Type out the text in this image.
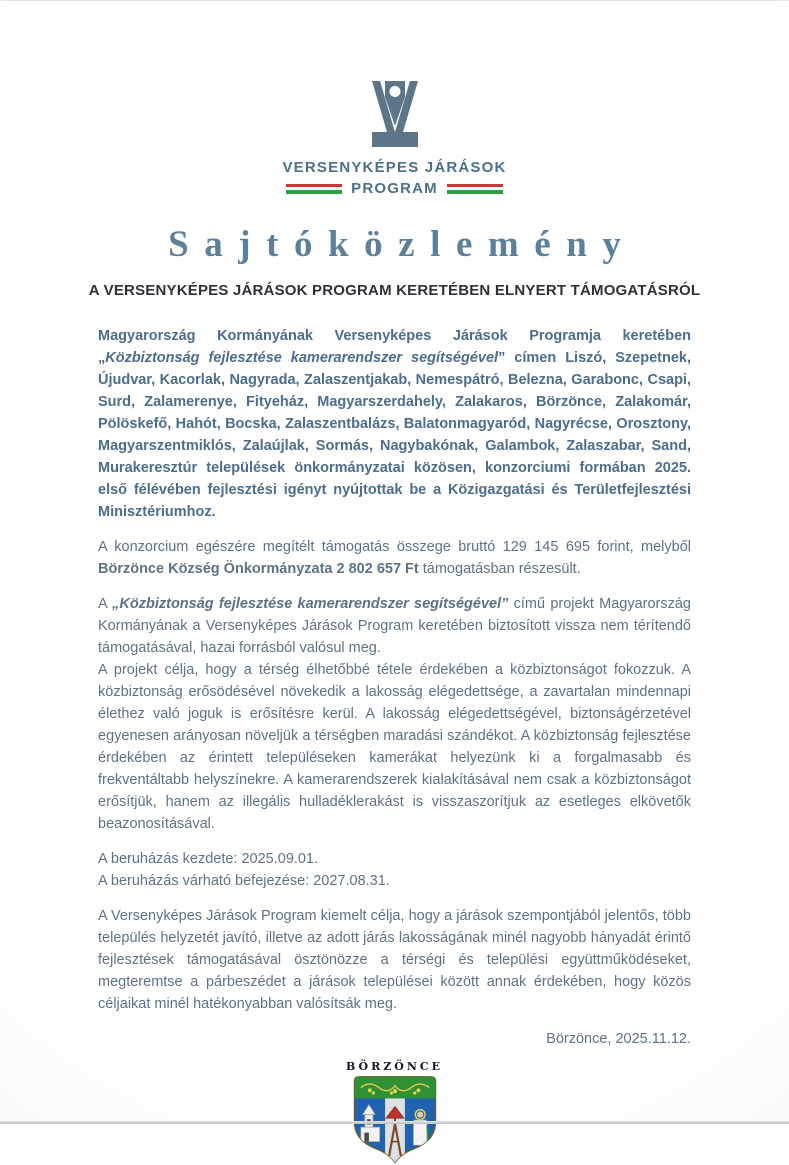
VERSENYKÉPES JÁRÁSOK
PROGRAM
Sajtóközlemény
A VERSENYKÉPES JÁRÁSOK PROGRAM KERETÉBEN ELNYERT TÁMOGATÁSRÓL

Magyarország Kormányának Versenyképes Járások Programja keretében „Közbiztonság fejlesztése kamerarendszer segítségével” címen Liszó, Szepetnek, Újudvar, Kacorlak, Nagyrada, Zalaszentjakab, Nemespátró, Belezna, Garabonc, Csapi, Surd, Zalamerenye, Fityeház, Magyarszerdahely, Zalakaros, Börzönce, Zalakomár, Pölöskefő, Hahót, Bocska, Zalaszentbalázs, Balatonmagyaród, Nagyrécse, Orosztony, Magyarszentmiklós, Zalaújlak, Sormás, Nagybakónak, Galambok, Zalaszabar, Sand, Murakeresztúr települések önkormányzatai közösen, konzorciumi formában 2025. első félévében fejlesztési igényt nyújtottak be a Közigazgatási és Területfejlesztési Minisztériumhoz.

A konzorcium egészére megítélt támogatás összege bruttó 129 145 695 forint, melyből Börzönce Község Önkormányzata 2 802 657 Ft támogatásban részesült.

A „Közbiztonság fejlesztése kamerarendszer segítségével” című projekt Magyarország Kormányának a Versenyképes Járások Program keretében biztosított vissza nem térítendő támogatásával, hazai forrásból valósul meg.

A projekt célja, hogy a térség élhetőbbé tétele érdekében a közbiztonságot fokozzuk. A közbiztonság erősödésével növekedik a lakosság elégedettsége, a zavartalan mindennapi élethez való joguk is erősítésre kerül. A lakosság elégedettségével, biztonságérzetével egyenesen arányosan növeljük a térségben maradási szándékot. A közbiztonság fejlesztése érdekében az érintett településeken kamerákat helyezünk ki a forgalmasabb és frekventáltabb helyszínekre. A kamerarendszerek kialakításával nem csak a közbiztonságot erősítjük, hanem az illegális hulladéklerakást is visszaszorítjuk az esetleges elkövetők beazonosításával.

A beruházás kezdete: 2025.09.01.

A beruházás várható befejezése: 2027.08.31.

A Versenyképes Járások Program kiemelt célja, hogy a járások szempontjából jelentős, több település helyzetét javító, illetve az adott járás lakosságának minél nagyobb hányadát érintő fejlesztések támogatásával ösztönözze a térségi és települési együttműködéseket, megteremtse a párbeszédet a járások települései között annak érdekében, hogy közös céljaikat minél hatékonyabban valósítsák meg.

Börzönce, 2025.11.12.

BÖRZÖNCE
